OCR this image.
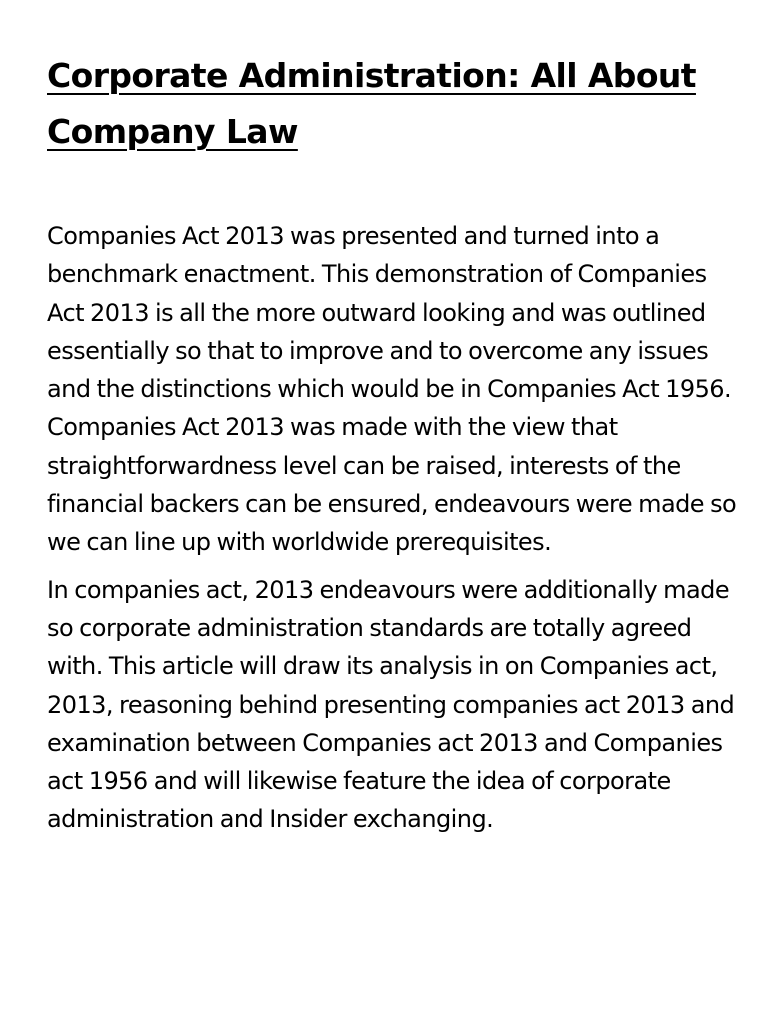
Corporate Administration: All About Company Law

Companies Act 2013 was presented and turned into a benchmark enactment. This demonstration of Companies Act 2013 is all the more outward looking and was outlined essentially so that to improve and to overcome any issues and the distinctions which would be in Companies Act 1956. Companies Act 2013 was made with the view that straightforwardness level can be raised, interests of the financial backers can be ensured, endeavours were made so we can line up with worldwide prerequisites.

In companies act, 2013 endeavours were additionally made so corporate administration standards are totally agreed with. This article will draw its analysis in on Companies act, 2013, reasoning behind presenting companies act 2013 and examination between Companies act 2013 and Companies act 1956 and will likewise feature the idea of corporate administration and Insider exchanging.
